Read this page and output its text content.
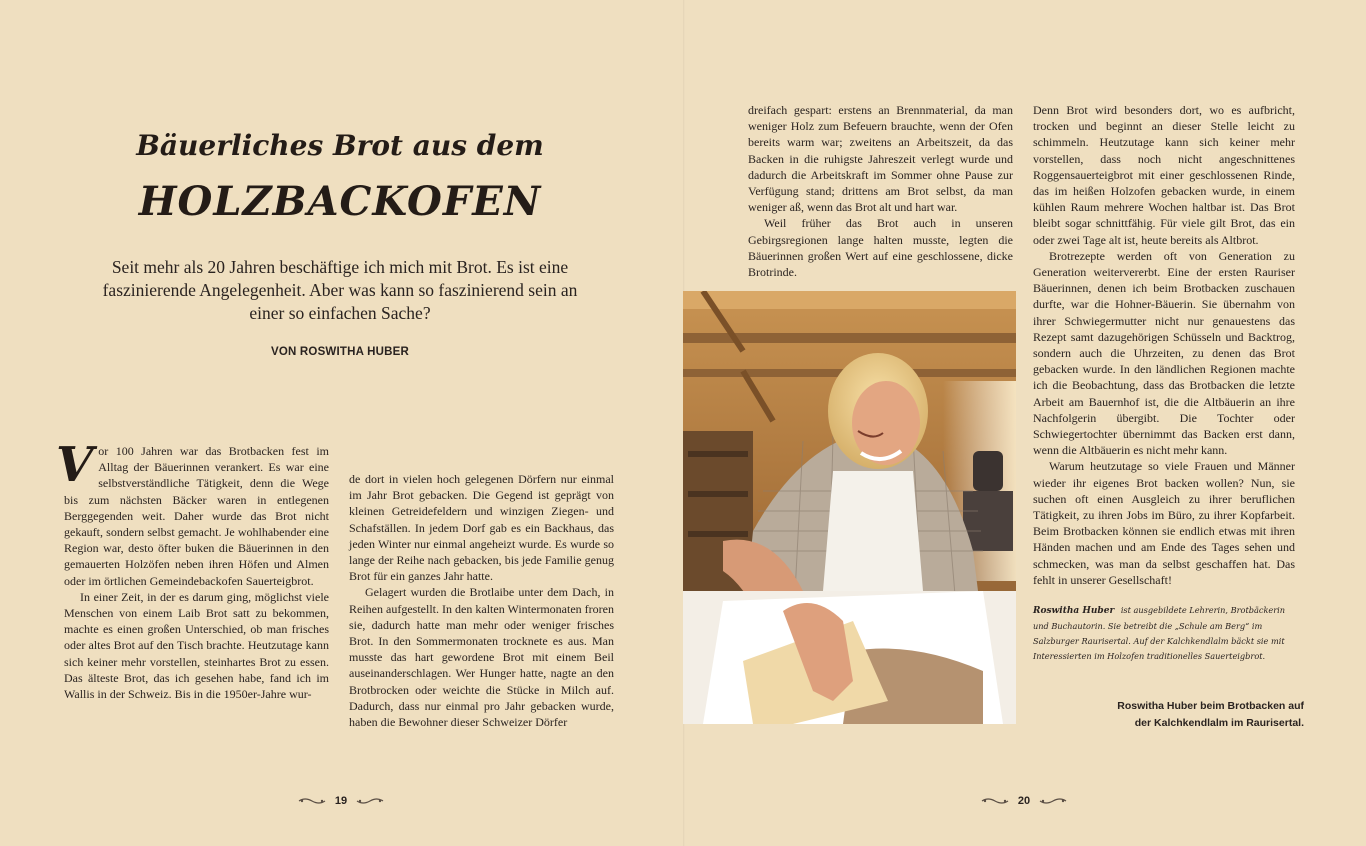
Bäuerliches Brot aus dem
HOLZBACKOFEN

Seit mehr als 20 Jahren beschäftige ich mich mit Brot. Es ist eine faszinierende Angelegenheit. Aber was kann so faszinierend sein an einer so einfachen Sache?

VON ROSWITHA HUBER

V or 100 Jahren war das Brotbacken fest im Alltag der Bäuerinnen verankert. Es war eine selbstverständliche Tätigkeit, denn die Wege bis zum nächsten Bäcker waren in entlegenen Berggegenden weit. Daher wurde das Brot nicht gekauft, sondern selbst gemacht. Je wohlhabender eine Region war, desto öfter buken die Bäuerinnen in den gemauerten Holzöfen neben ihren Höfen und Almen oder im örtlichen Gemeindebackofen Sauerteigbrot.

In einer Zeit, in der es darum ging, möglichst viele Menschen von einem Laib Brot satt zu bekommen, machte es einen großen Unterschied, ob man frisches oder altes Brot auf den Tisch brachte. Heutzutage kann sich keiner mehr vorstellen, steinhartes Brot zu essen. Das älteste Brot, das ich gesehen habe, fand ich im Wallis in der Schweiz. Bis in die 1950er-Jahre wur-

de dort in vielen hoch gelegenen Dörfern nur einmal im Jahr Brot gebacken. Die Gegend ist geprägt von kleinen Getreidefeldern und winzigen Ziegen- und Schafställen. In jedem Dorf gab es ein Backhaus, das jeden Winter nur einmal angeheizt wurde. Es wurde so lange der Reihe nach gebacken, bis jede Familie genug Brot für ein ganzes Jahr hatte.

Gelagert wurden die Brotlaibe unter dem Dach, in Reihen aufgestellt. In den kalten Wintermonaten froren sie, dadurch hatte man mehr oder weniger frisches Brot. In den Sommermonaten trocknete es aus. Man musste das hart gewordene Brot mit einem Beil auseinanderschlagen. Wer Hunger hatte, nagte an den Brotbrocken oder weichte die Stücke in Milch auf. Dadurch, dass nur einmal pro Jahr gebacken wurde, haben die Bewohner dieser Schweizer Dörfer

19

dreifach gespart: erstens an Brennmaterial, da man weniger Holz zum Befeuern brauchte, wenn der Ofen bereits warm war; zweitens an Arbeitszeit, da das Backen in die ruhigste Jahreszeit verlegt wurde und dadurch die Arbeitskraft im Sommer ohne Pause zur Verfügung stand; drittens am Brot selbst, da man weniger aß, wenn das Brot alt und hart war.

Weil früher das Brot auch in unseren Gebirgsregionen lange halten musste, legten die Bäuerinnen großen Wert auf eine geschlossene, dicke Brotrinde.

Denn Brot wird besonders dort, wo es aufbricht, trocken und beginnt an dieser Stelle leicht zu schimmeln. Heutzutage kann sich keiner mehr vorstellen, dass noch nicht angeschnittenes Roggensauerteigbrot mit einer geschlossenen Rinde, das im heißen Holzofen gebacken wurde, in einem kühlen Raum mehrere Wochen haltbar ist. Das Brot bleibt sogar schnittfähig. Für viele gilt Brot, das ein oder zwei Tage alt ist, heute bereits als Altbrot.

Brotrezepte werden oft von Generation zu Generation weitervererbt. Eine der ersten Rauriser Bäuerinnen, denen ich beim Brotbacken zuschauen durfte, war die Hohner-Bäuerin. Sie übernahm von ihrer Schwiegermutter nicht nur genauestens das Rezept samt dazugehörigen Schüsseln und Backtrog, sondern auch die Uhrzeiten, zu denen das Brot gebacken wurde. In den ländlichen Regionen machte ich die Beobachtung, dass das Brotbacken die letzte Arbeit am Bauernhof ist, die die Altbäuerin an ihre Nachfolgerin übergibt. Die Tochter oder Schwiegertochter übernimmt das Backen erst dann, wenn die Altbäuerin es nicht mehr kann.

Warum heutzutage so viele Frauen und Männer wieder ihr eigenes Brot backen wollen? Nun, sie suchen oft einen Ausgleich zu ihrer beruflichen Tätigkeit, zu ihren Jobs im Büro, zu ihrer Kopfarbeit. Beim Brotbacken können sie endlich etwas mit ihren Händen machen und am Ende des Tages sehen und schmecken, was man da selbst geschaffen hat. Das fehlt in unserer Gesellschaft!

Roswitha Huber ist ausgebildete Lehrerin, Brotbäckerin und Buchautorin. Sie betreibt die „Schule am Berg“ im Salzburger Raurisertal. Auf der Kalchkendlalm bäckt sie mit Interessierten im Holzofen traditionelles Sauerteigbrot.

Roswitha Huber beim Brotbacken auf
der Kalchkendlalm im Raurisertal.

20
